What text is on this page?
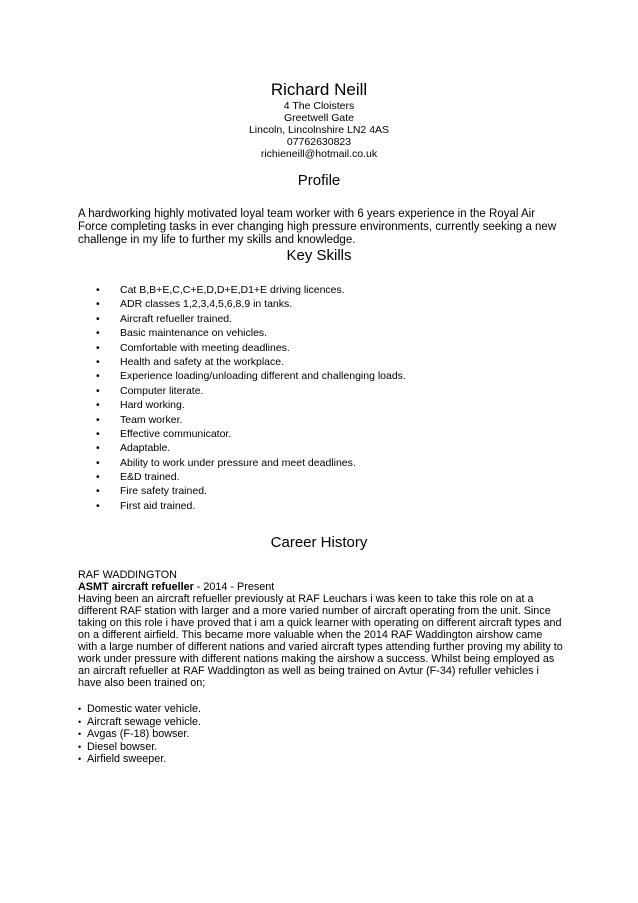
Richard Neill
4 The Cloisters
Greetwell Gate
Lincoln, Lincolnshire LN2 4AS
07762630823
richieneill@hotmail.co.uk
Profile

A hardworking highly motivated loyal team worker with 6 years experience in the Royal Air Force completing tasks in ever changing high pressure environments, currently seeking a new challenge in my life to further my skills and knowledge.

Key Skills
• Cat B,B+E,C,C+E,D,D+E,D1+E driving licences.
• ADR classes 1,2,3,4,5,6,8,9 in tanks.
• Aircraft refueller trained.
• Basic maintenance on vehicles.
• Comfortable with meeting deadlines.
• Health and safety at the workplace.
• Experience loading/unloading different and challenging loads.
• Computer literate.
• Hard working.
• Team worker.
• Effective communicator.
• Adaptable.
• Ability to work under pressure and meet deadlines.
• E&D trained.
• Fire safety trained.
• First aid trained.
Career History

RAF WADDINGTON

ASMT aircraft refueller - 2014 - Present

Having been an aircraft refueller previously at RAF Leuchars i was keen to take this role on at a different RAF station with larger and a more varied number of aircraft operating from the unit. Since taking on this role i have proved that i am a quick learner with operating on different aircraft types and on a different airfield. This became more valuable when the 2014 RAF Waddington airshow came with a large number of different nations and varied aircraft types attending further proving my ability to work under pressure with different nations making the airshow a success. Whilst being employed as an aircraft refueller at RAF Waddington as well as being trained on Avtur (F-34) refuller vehicles i have also been trained on;

• Domestic water vehicle.
• Aircraft sewage vehicle.
• Avgas (F-18) bowser.
• Diesel bowser.
• Airfield sweeper.
